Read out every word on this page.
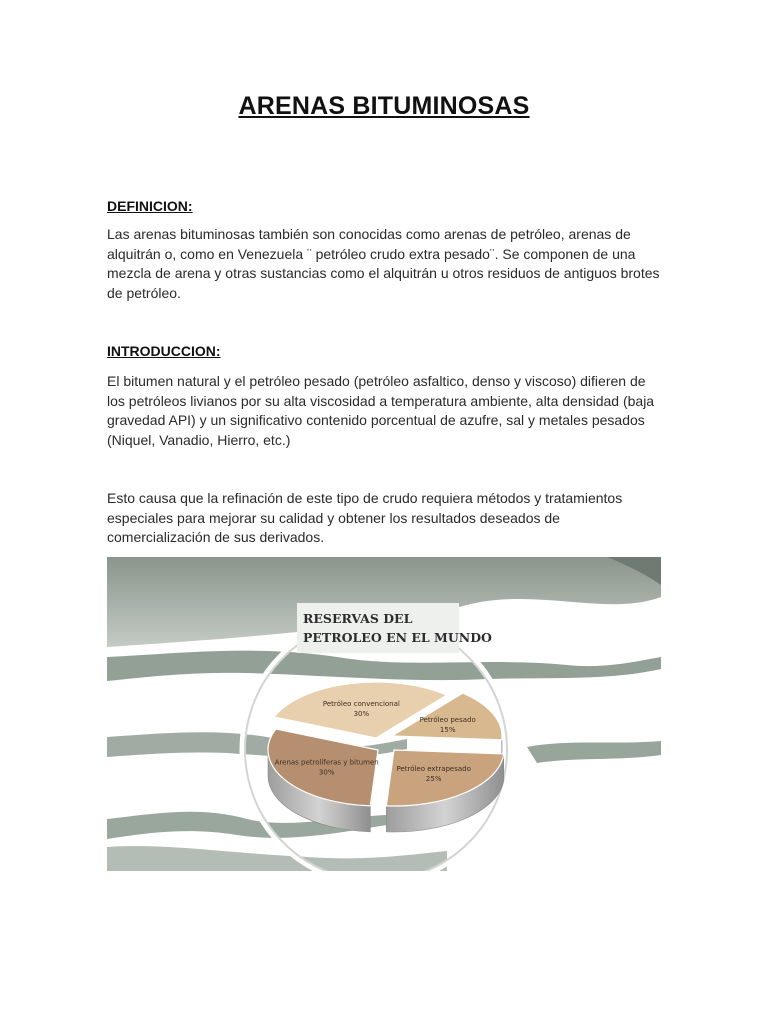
ARENAS BITUMINOSAS
DEFINICION:
Las arenas bituminosas también son conocidas como arenas de petróleo, arenas de alquitrán o, como en Venezuela ¨ petróleo crudo extra pesado¨. Se componen de una mezcla de arena y otras sustancias como el alquitrán u otros residuos de antiguos brotes de petróleo.
INTRODUCCION:
El bitumen natural y el petróleo pesado (petróleo asfaltico, denso y viscoso) difieren de los petróleos livianos por su alta viscosidad a temperatura ambiente, alta densidad (baja gravedad API) y un significativo contenido porcentual de azufre, sal y metales pesados (Niquel, Vanadio, Hierro, etc.)
Esto causa que la refinación de este tipo de crudo requiera métodos y tratamientos especiales para mejorar su calidad y obtener los resultados deseados de comercialización de sus derivados.
RESERVAS DEL
PETROLEO EN EL MUNDO
Petróleo convencional
30%
Petróleo pesado
15%
Petróleo extrapesado
25%
Arenas petrolíferas y bitumen
30%
